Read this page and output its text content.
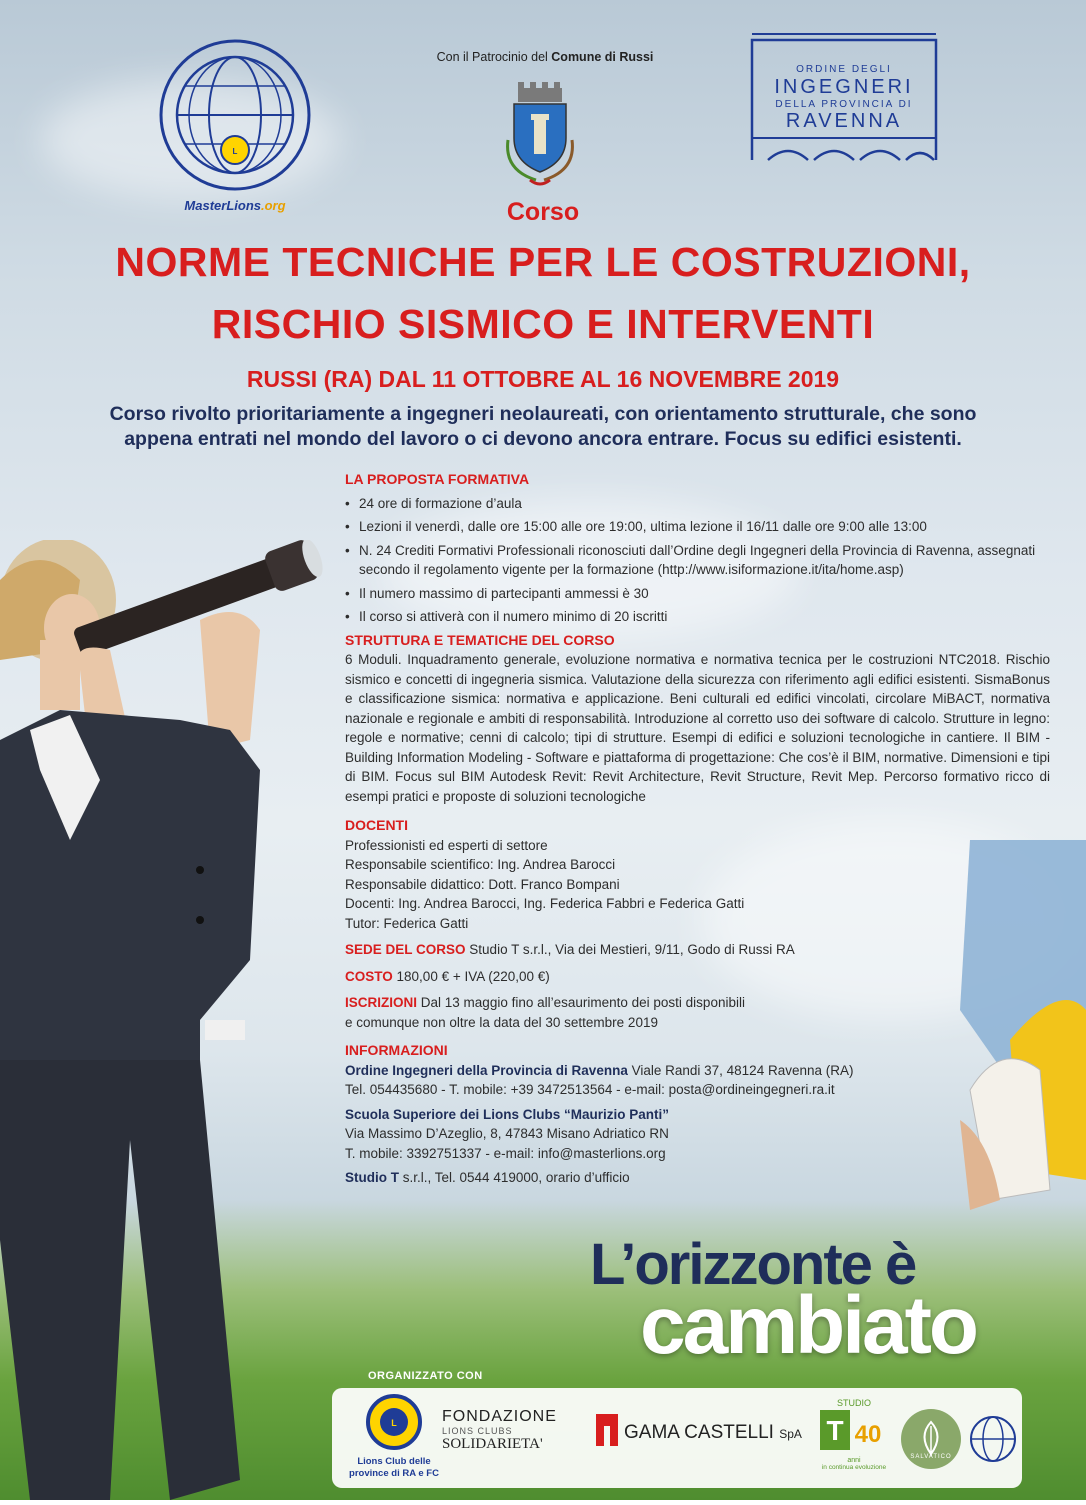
L
MasterLions.org
Con il Patrocinio del Comune di Russi
ORDINE DEGLI
INGEGNERI
DELLA PROVINCIA DI
RAVENNA
Corso
NORME TECNICHE PER LE COSTRUZIONI,
RISCHIO SISMICO E INTERVENTI
RUSSI (RA) DAL 11 OTTOBRE AL 16 NOVEMBRE 2019
Corso rivolto prioritariamente a ingegneri neolaureati, con orientamento strutturale, che sono
appena entrati nel mondo del lavoro o ci devono ancora entrare. Focus su edifici esistenti.
LA PROPOSTA FORMATIVA
• 24 ore di formazione d’aula
• Lezioni il venerdì, dalle ore 15:00 alle ore 19:00, ultima lezione il 16/11 dalle ore 9:00 alle 13:00
• N. 24 Crediti Formativi Professionali riconosciuti dall’Ordine degli Ingegneri della Provincia di Ravenna, assegnati secondo il regolamento vigente per la formazione (http://www.isiformazione.it/ita/home.asp)
• Il numero massimo di partecipanti ammessi è 30
• Il corso si attiverà con il numero minimo di 20 iscritti
STRUTTURA E TEMATICHE DEL CORSO
6 Moduli. Inquadramento generale, evoluzione normativa e normativa tecnica per le costruzioni NTC2018. Rischio sismico e concetti di ingegneria sismica. Valutazione della sicurezza con riferimento agli edifici esistenti. SismaBonus e classificazione sismica: normativa e applicazione. Beni culturali ed edifici vincolati, circolare MiBACT, normativa nazionale e regionale e ambiti di responsabilità. Introduzione al corretto uso dei software di calcolo. Strutture in legno: regole e normative; cenni di calcolo; tipi di strutture. Esempi di edifici e soluzioni tecnologiche in cantiere. Il BIM - Building Information Modeling - Software e piattaforma di progettazione: Che cos’è il BIM, normative. Dimensioni e tipi di BIM. Focus sul BIM Autodesk Revit: Revit Architecture, Revit Structure, Revit Mep. Percorso formativo ricco di esempi pratici e proposte di soluzioni tecnologiche
DOCENTI
Professionisti ed esperti di settore
Responsabile scientifico: Ing. Andrea Barocci
Responsabile didattico: Dott. Franco Bompani
Docenti: Ing. Andrea Barocci, Ing. Federica Fabbri e Federica Gatti
Tutor: Federica Gatti
SEDE DEL CORSO Studio T s.r.l., Via dei Mestieri, 9/11, Godo di Russi RA
COSTO 180,00 € + IVA (220,00 €)
ISCRIZIONI Dal 13 maggio fino all’esaurimento dei posti disponibili
e comunque non oltre la data del 30 settembre 2019
INFORMAZIONI
Ordine Ingegneri della Provincia di Ravenna Viale Randi 37, 48124 Ravenna (RA)
Tel. 054435680 - T. mobile: +39 3472513564 - e-mail: posta@ordineingegneri.ra.it
Scuola Superiore dei Lions Clubs “Maurizio Panti”
Via Massimo D’Azeglio, 8, 47843 Misano Adriatico RN
T. mobile: 3392751337 - e-mail: info@masterlions.org
Studio T s.r.l., Tel. 0544 419000, orario d’ufficio
L’orizzonte è
cambiato
ORGANIZZATO CON
L
Lions Club delle
province di RA e FC
FONDAZIONE
LIONS CLUBS
SOLIDARIETA'
GAMA CASTELLI SpA
STUDIO
T 40
anni
in continua evoluzione
SALVATICO
